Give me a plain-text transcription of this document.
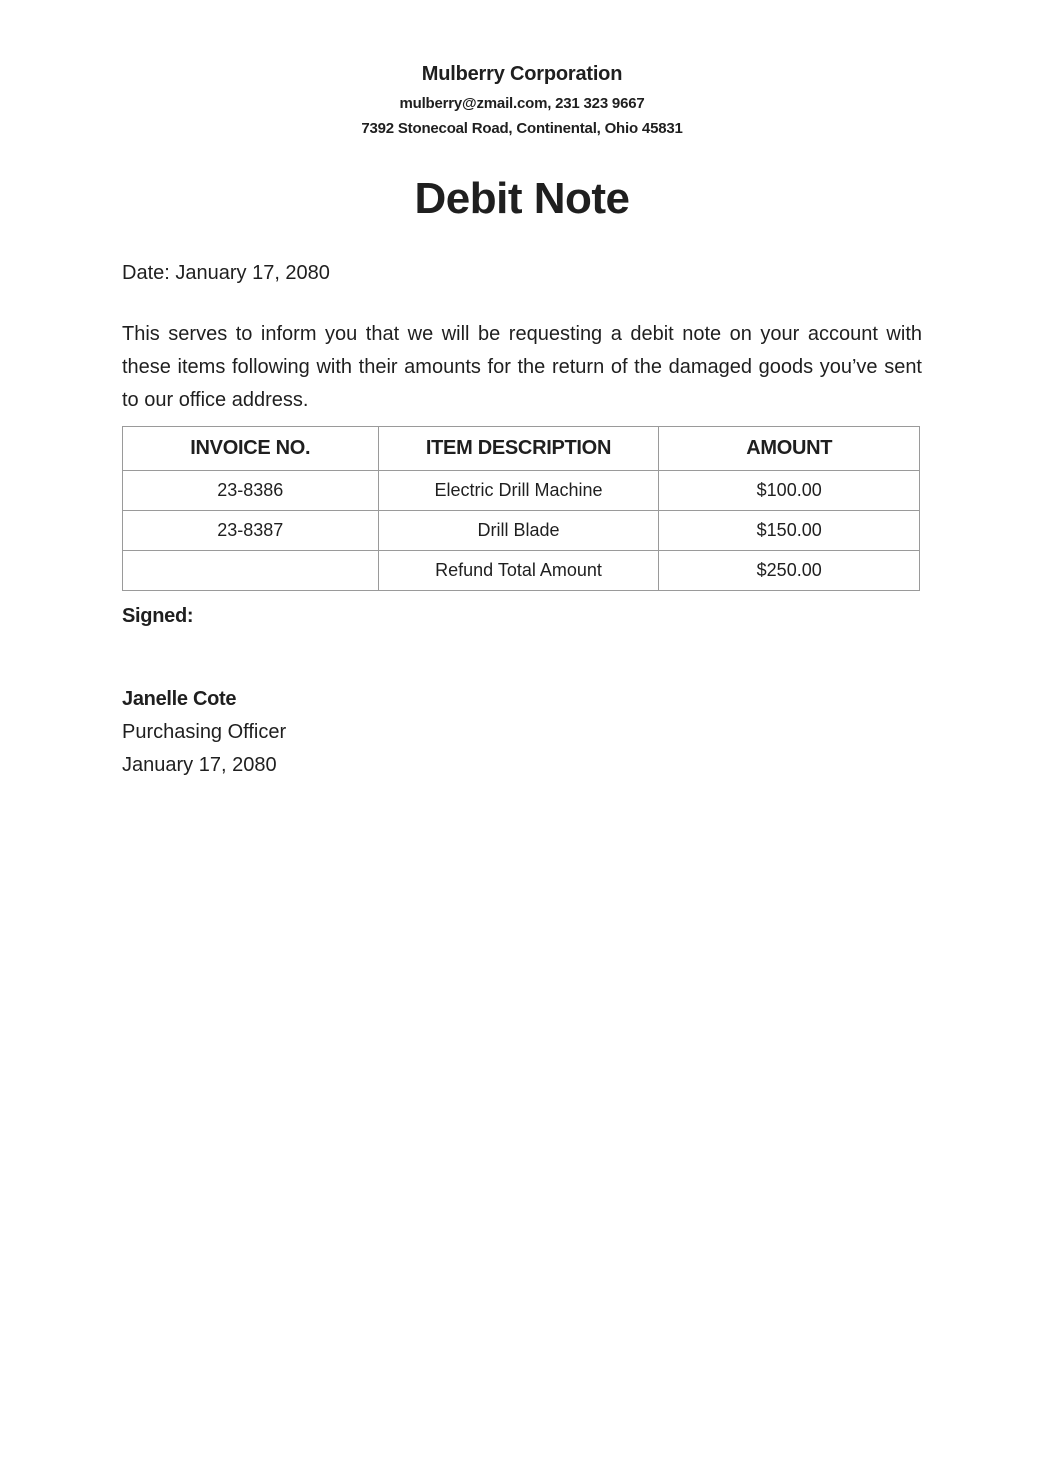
Mulberry Corporation
mulberry@zmail.com, 231 323 9667
7392 Stonecoal Road, Continental, Ohio 45831
Debit Note
Date: January 17, 2080
This serves to inform you that we will be requesting a debit note on your account with these items following with their amounts for the return of the damaged goods you’ve sent to our office address.
INVOICE NO.	ITEM DESCRIPTION	AMOUNT
23-8386	Electric Drill Machine	$100.00
23-8387	Drill Blade	$150.00
	Refund Total Amount	$250.00
Signed:
Janelle Cote
Purchasing Officer
January 17, 2080
